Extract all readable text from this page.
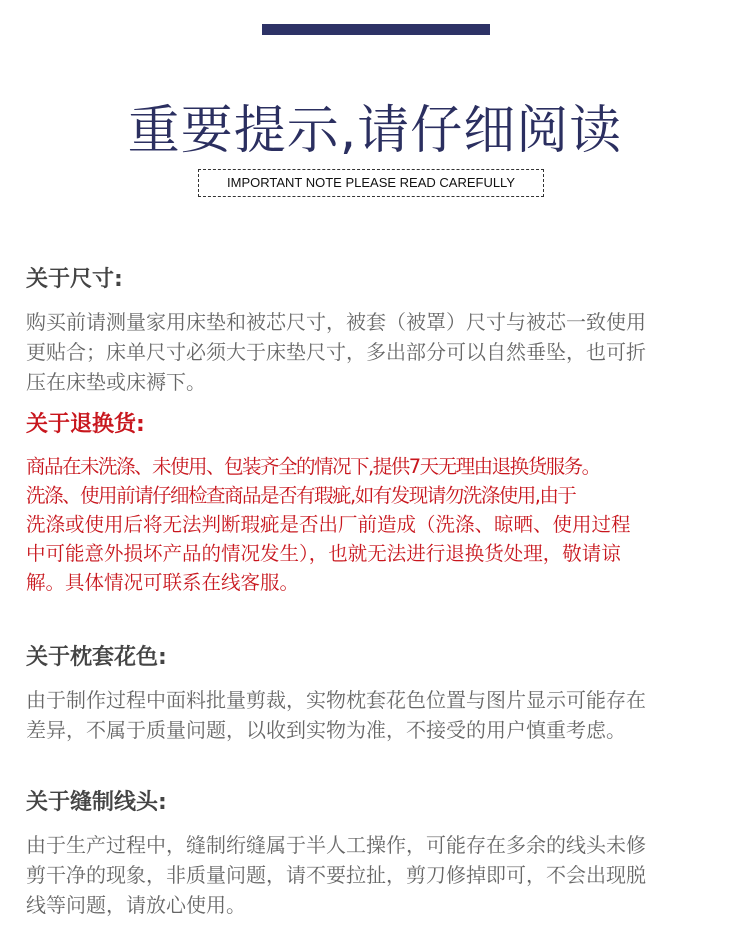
重要提示,请仔细阅读
IMPORTANT NOTE PLEASE READ CAREFULLY
关于尺寸:
购买前请测量家用床垫和被芯尺寸，被套（被罩）尺寸与被芯一致使用
更贴合；床单尺寸必须大于床垫尺寸，多出部分可以自然垂坠，也可折
压在床垫或床褥下。
关于退换货:
商品在未洗涤、未使用、包装齐全的情况下,提供7天无理由退换货服务。
洗涤、使用前请仔细检查商品是否有瑕疵,如有发现请勿洗涤使用,由于
洗涤或使用后将无法判断瑕疵是否出厂前造成（洗涤、晾晒、使用过程
中可能意外损坏产品的情况发生），也就无法进行退换货处理，敬请谅
解。具体情况可联系在线客服。
关于枕套花色:
由于制作过程中面料批量剪裁，实物枕套花色位置与图片显示可能存在
差异，不属于质量问题，以收到实物为准，不接受的用户慎重考虑。
关于缝制线头:
由于生产过程中，缝制绗缝属于半人工操作，可能存在多余的线头未修
剪干净的现象，非质量问题，请不要拉扯，剪刀修掉即可，不会出现脱
线等问题，请放心使用。
